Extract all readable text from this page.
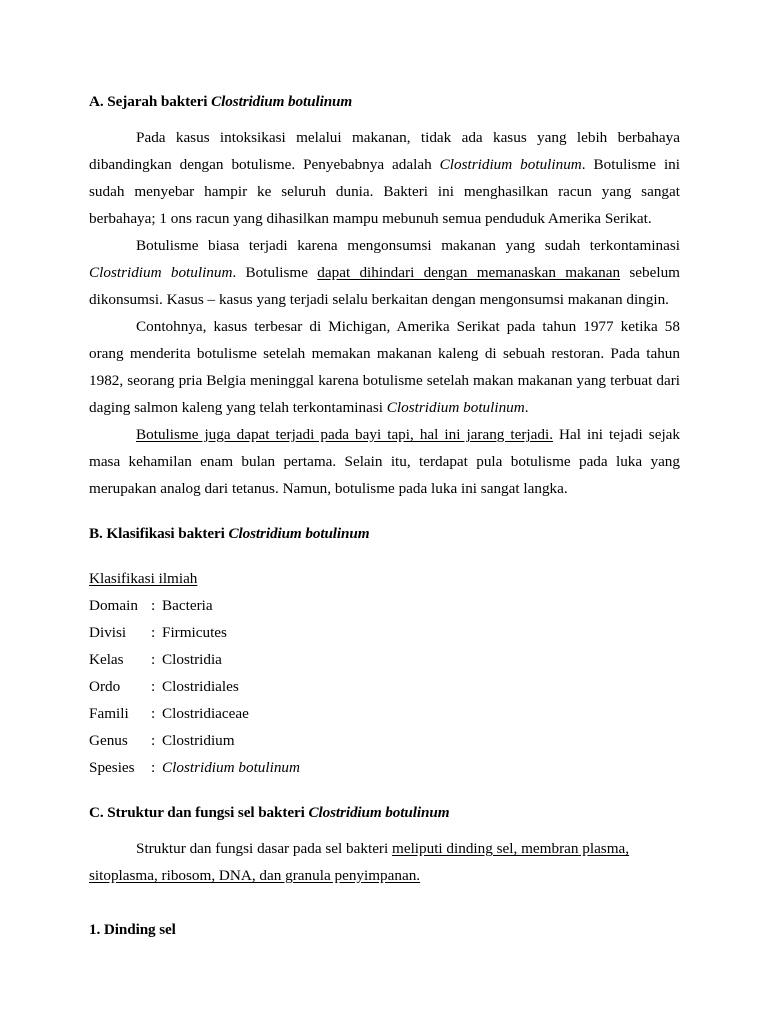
A. Sejarah bakteri Clostridium botulinum

Pada kasus intoksikasi melalui makanan, tidak ada kasus yang lebih berbahaya dibandingkan dengan botulisme. Penyebabnya adalah Clostridium botulinum. Botulisme ini sudah menyebar hampir ke seluruh dunia. Bakteri ini menghasilkan racun yang sangat berbahaya; 1 ons racun yang dihasilkan mampu mebunuh semua penduduk Amerika Serikat.

Botulisme biasa terjadi karena mengonsumsi makanan yang sudah terkontaminasi Clostridium botulinum. Botulisme dapat dihindari dengan memanaskan makanan sebelum dikonsumsi. Kasus – kasus yang terjadi selalu berkaitan dengan mengonsumsi makanan dingin.

Contohnya, kasus terbesar di Michigan, Amerika Serikat pada tahun 1977 ketika 58 orang menderita botulisme setelah memakan makanan kaleng di sebuah restoran. Pada tahun 1982, seorang pria Belgia meninggal karena botulisme setelah makan makanan yang terbuat dari daging salmon kaleng yang telah terkontaminasi Clostridium botulinum.

Botulisme juga dapat terjadi pada bayi tapi, hal ini jarang terjadi. Hal ini tejadi sejak masa kehamilan enam bulan pertama. Selain itu, terdapat pula botulisme pada luka yang merupakan analog dari tetanus. Namun, botulisme pada luka ini sangat langka.

B. Klasifikasi bakteri Clostridium botulinum
Klasifikasi ilmiah
Domain : Bacteria
Divisi : Firmicutes
Kelas : Clostridia
Ordo : Clostridiales
Famili : Clostridiaceae
Genus : Clostridium
Spesies : Clostridium botulinum
C. Struktur dan fungsi sel bakteri Clostridium botulinum

Struktur dan fungsi dasar pada sel bakteri meliputi dinding sel, membran plasma, sitoplasma, ribosom, DNA, dan granula penyimpanan.

1. Dinding sel
